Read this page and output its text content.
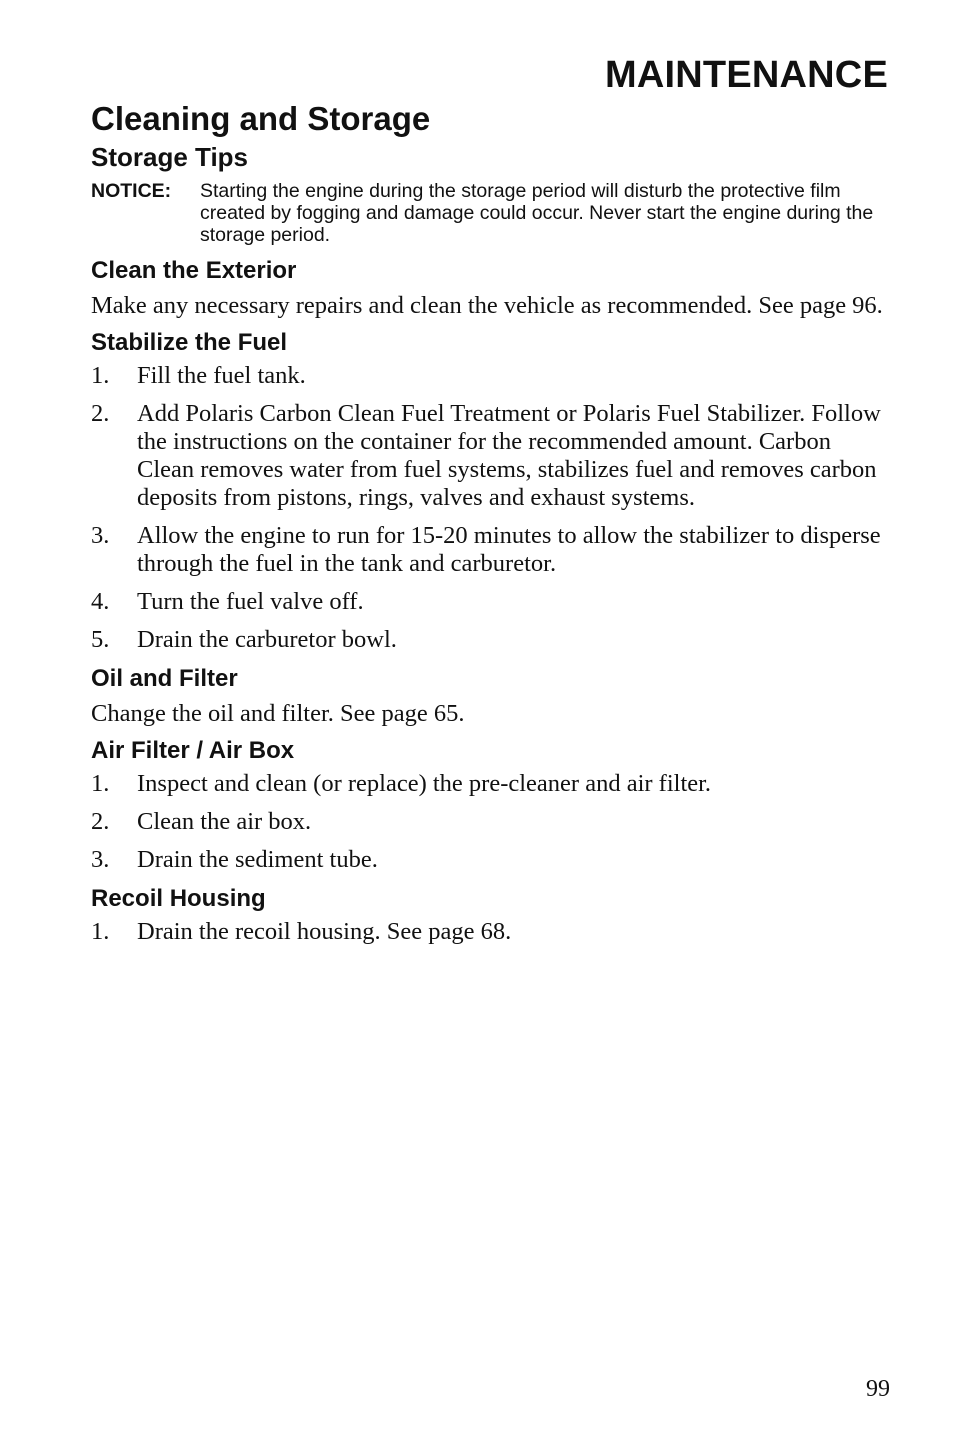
MAINTENANCE
Cleaning and Storage
Storage Tips
NOTICE:	Starting the engine during the storage period will disturb the protective film created by fogging and damage could occur. Never start the engine during the storage period.
Clean the Exterior

Make any necessary repairs and clean the vehicle as recommended. See page 96.

Stabilize the Fuel
1.	Fill the fuel tank.
2.	Add Polaris Carbon Clean Fuel Treatment or Polaris Fuel Stabilizer. Follow the instructions on the container for the recommended amount. Carbon Clean removes water from fuel systems, stabilizes fuel and removes carbon deposits from pistons, rings, valves and exhaust systems.
3.	Allow the engine to run for 15-20 minutes to allow the stabilizer to disperse through the fuel in the tank and carburetor.
4.	Turn the fuel valve off.
5.	Drain the carburetor bowl.
Oil and Filter

Change the oil and filter. See page 65.

Air Filter / Air Box
1.	Inspect and clean (or replace) the pre-cleaner and air filter.
2.	Clean the air box.
3.	Drain the sediment tube.
Recoil Housing
1.	Drain the recoil housing. See page 68.
99
